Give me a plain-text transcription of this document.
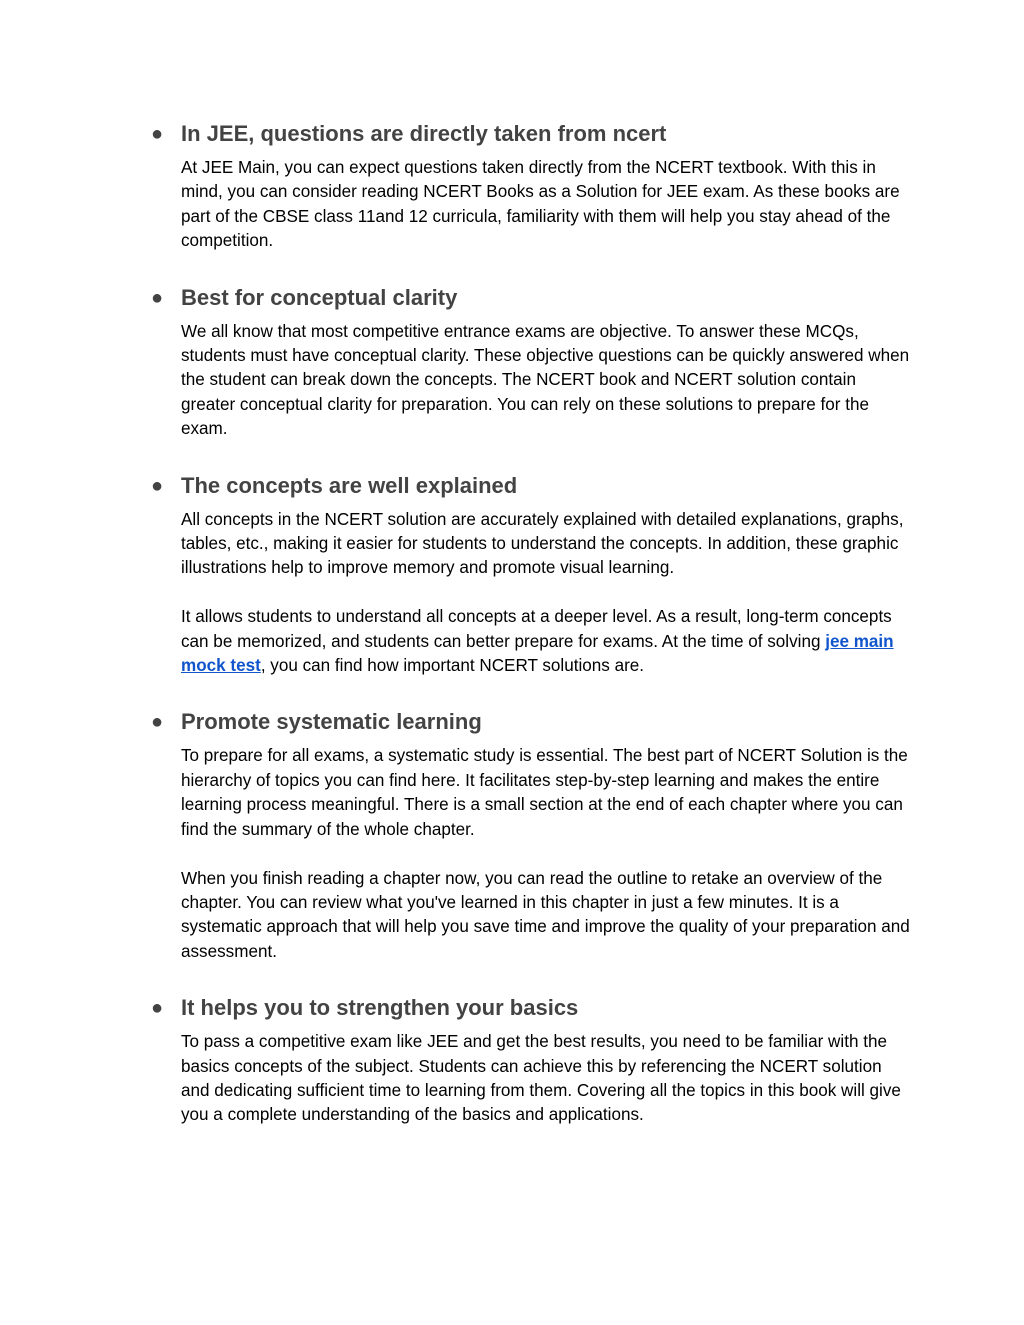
● In JEE, questions are directly taken from ncert

At JEE Main, you can expect questions taken directly from the NCERT textbook. With this in mind, you can consider reading NCERT Books as a Solution for JEE exam. As these books are part of the CBSE class 11and 12 curricula, familiarity with them will help you stay ahead of the competition.

● Best for conceptual clarity

We all know that most competitive entrance exams are objective. To answer these MCQs, students must have conceptual clarity. These objective questions can be quickly answered when the student can break down the concepts. The NCERT book and NCERT solution contain greater conceptual clarity for preparation. You can rely on these solutions to prepare for the exam.

● The concepts are well explained

All concepts in the NCERT solution are accurately explained with detailed explanations, graphs, tables, etc., making it easier for students to understand the concepts. In addition, these graphic illustrations help to improve memory and promote visual learning.

It allows students to understand all concepts at a deeper level. As a result, long-term concepts can be memorized, and students can better prepare for exams. At the time of solving jee main mock test, you can find how important NCERT solutions are.

● Promote systematic learning

To prepare for all exams, a systematic study is essential. The best part of NCERT Solution is the hierarchy of topics you can find here. It facilitates step-by-step learning and makes the entire learning process meaningful. There is a small section at the end of each chapter where you can find the summary of the whole chapter.

When you finish reading a chapter now, you can read the outline to retake an overview of the chapter. You can review what you've learned in this chapter in just a few minutes. It is a systematic approach that will help you save time and improve the quality of your preparation and assessment.

● It helps you to strengthen your basics

To pass a competitive exam like JEE and get the best results, you need to be familiar with the basics concepts of the subject. Students can achieve this by referencing the NCERT solution and dedicating sufficient time to learning from them. Covering all the topics in this book will give you a complete understanding of the basics and applications.
